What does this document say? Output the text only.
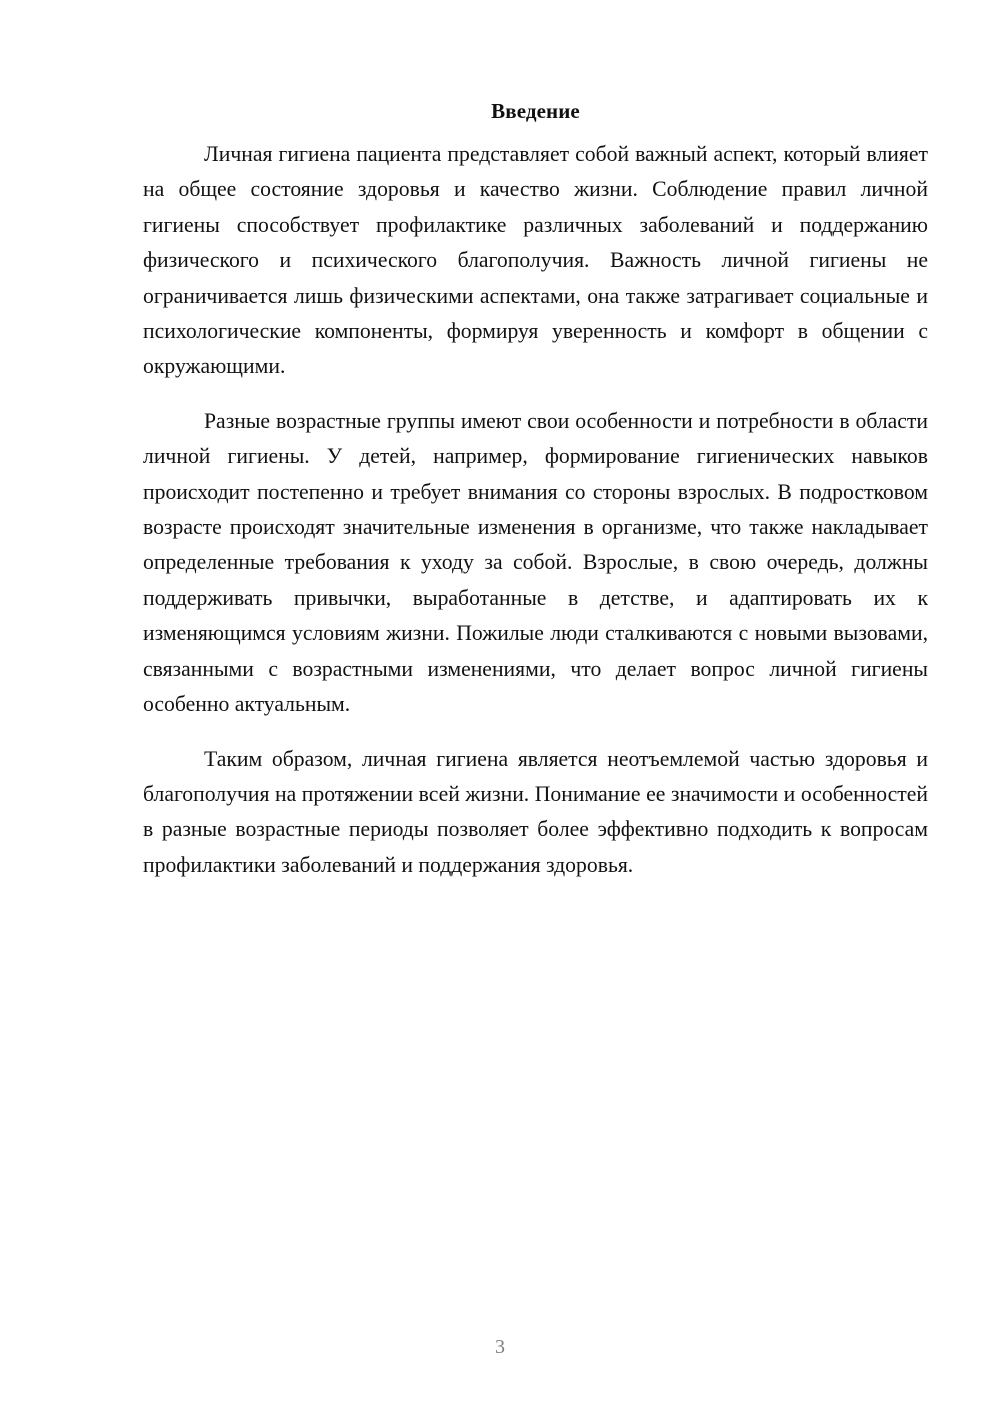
Введение

Личная гигиена пациента представляет собой важный аспект, который влияет на общее состояние здоровья и качество жизни. Соблюдение правил личной гигиены способствует профилактике различных заболеваний и поддержанию физического и психического благополучия. Важность личной гигиены не ограничивается лишь физическими аспектами, она также затрагивает социальные и психологические компоненты, формируя уверенность и комфорт в общении с окружающими.

Разные возрастные группы имеют свои особенности и потребности в области личной гигиены. У детей, например, формирование гигиенических навыков происходит постепенно и требует внимания со стороны взрослых. В подростковом возрасте происходят значительные изменения в организме, что также накладывает определенные требования к уходу за собой. Взрослые, в свою очередь, должны поддерживать привычки, выработанные в детстве, и адаптировать их к изменяющимся условиям жизни. Пожилые люди сталкиваются с новыми вызовами, связанными с возрастными изменениями, что делает вопрос личной гигиены особенно актуальным.

Таким образом, личная гигиена является неотъемлемой частью здоровья и благополучия на протяжении всей жизни. Понимание ее значимости и особенностей в разные возрастные периоды позволяет более эффективно подходить к вопросам профилактики заболеваний и поддержания здоровья.

3
